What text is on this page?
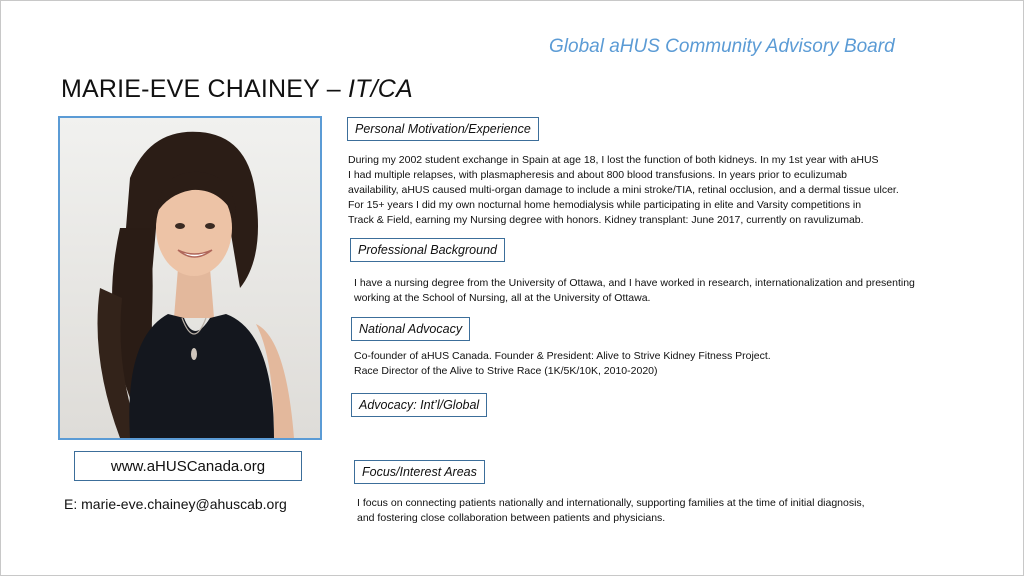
Global aHUS Community Advisory Board
MARIE-EVE CHAINEY – IT/CA
www.aHUSCanada.org
E: marie-eve.chainey@ahuscab.org
Personal Motivation/Experience

During my 2002 student exchange in Spain at age 18, I lost the function of both kidneys. In my 1st year with aHUS

I had multiple relapses, with plasmapheresis and about 800 blood transfusions. In years prior to eculizumab

availability, aHUS caused multi-organ damage to include a mini stroke/TIA, retinal occlusion, and a dermal tissue ulcer.

For 15+ years I did my own nocturnal home hemodialysis while participating in elite and Varsity competitions in

Track & Field, earning my Nursing degree with honors. Kidney transplant: June 2017, currently on ravulizumab.

Professional Background

I have a nursing degree from the University of Ottawa, and I have worked in research, internationalization and presenting

working at the School of Nursing, all at the University of Ottawa.

National Advocacy

Co-founder of aHUS Canada. Founder & President: Alive to Strive Kidney Fitness Project.

Race Director of the Alive to Strive Race (1K/5K/10K, 2010-2020)

Advocacy: Int’l/Global
Focus/Interest Areas

I focus on connecting patients nationally and internationally, supporting families at the time of initial diagnosis,

and fostering close collaboration between patients and physicians.
